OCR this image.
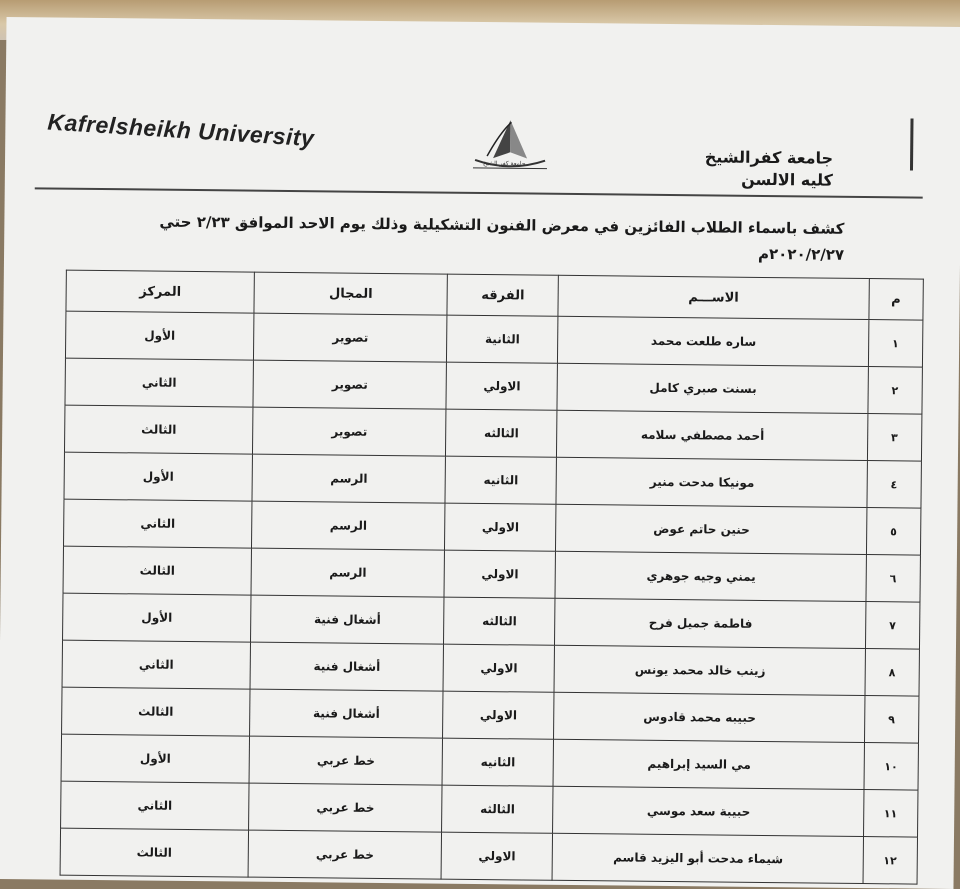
Kafrelsheikh University
جامعة كفر الشيخ	جامعة كفرالشيخ
كليه الالسن
كشف باسماء الطلاب الفائزين في معرض الفنون التشكيلية وذلك يوم الاحد الموافق ٢/٢٣ حتي
٢٠٢٠/٢/٢٧م
م	الاســـم	الفرقه	المجال	المركز
١	ساره طلعت محمد	الثانية	تصوير	الأول
٢	بسنت صبري كامل	الاولي	تصوير	الثاني
٣	أحمد مصطفي سلامه	الثالثه	تصوير	الثالث
٤	مونيكا مدحت منير	الثانيه	الرسم	الأول
٥	حنين حاتم عوض	الاولي	الرسم	الثاني
٦	يمني وجيه جوهري	الاولي	الرسم	الثالث
٧	فاطمة جميل فرح	الثالثه	أشغال فنية	الأول
٨	زينب خالد محمد يونس	الاولي	أشغال فنية	الثاني
٩	حبيبه محمد قادوس	الاولي	أشغال فنية	الثالث
١٠	مي السيد إبراهيم	الثانيه	خط عربي	الأول
١١	حبيبة سعد موسي	الثالثه	خط عربي	الثاني
١٢	شيماء مدحت أبو اليزيد قاسم	الاولي	خط عربي	الثالث
